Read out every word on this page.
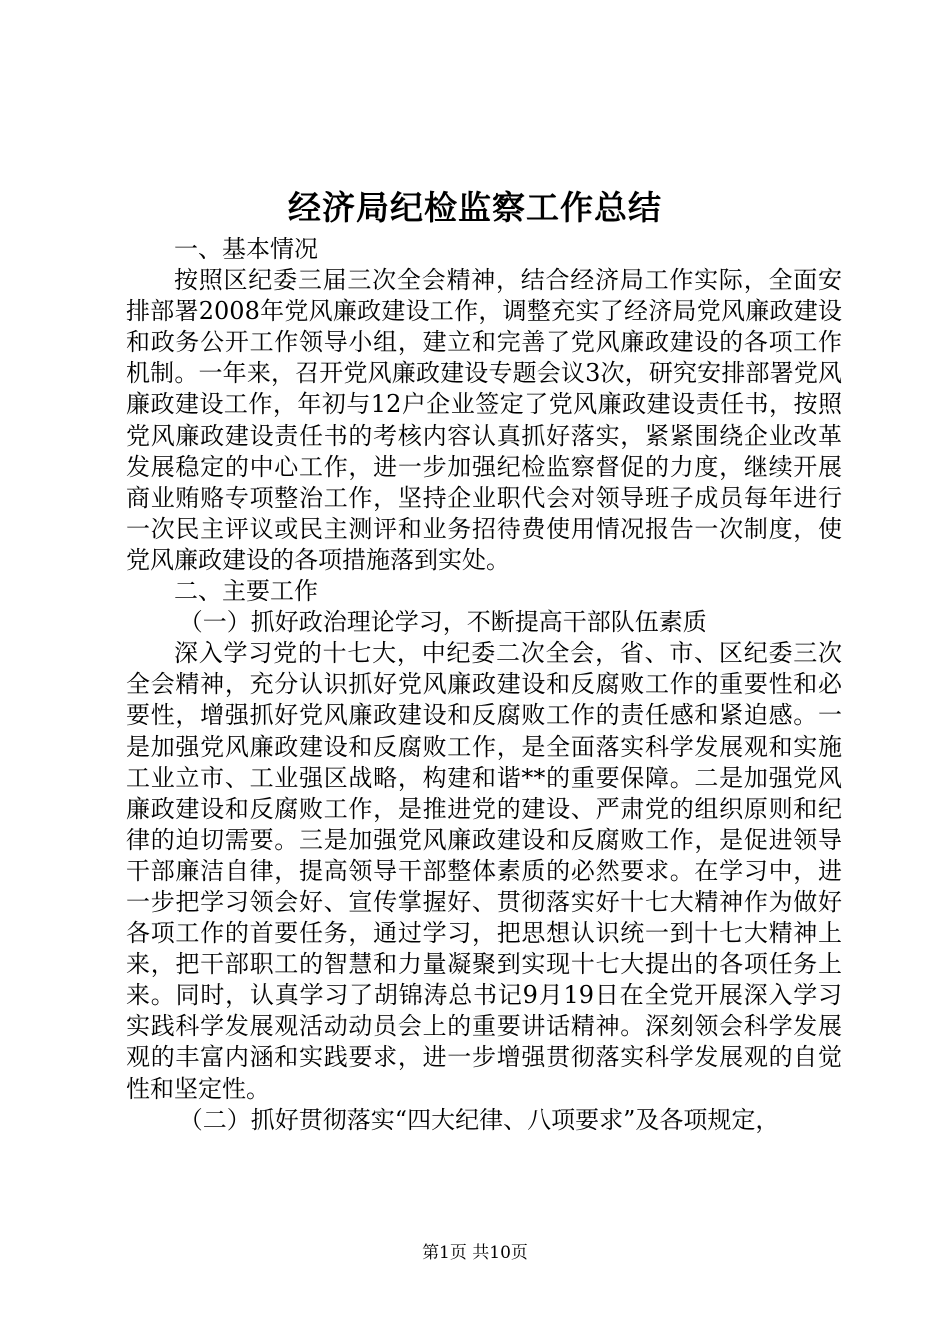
经济局纪检监察工作总结

一、基本情况

按照区纪委三届三次全会精神，结合经济局工作实际，全面安排部署2008年党风廉政建设工作，调整充实了经济局党风廉政建设和政务公开工作领导小组，建立和完善了党风廉政建设的各项工作机制。一年来，召开党风廉政建设专题会议3次，研究安排部署党风廉政建设工作，年初与12户企业签定了党风廉政建设责任书，按照党风廉政建设责任书的考核内容认真抓好落实，紧紧围绕企业改革发展稳定的中心工作，进一步加强纪检监察督促的力度，继续开展商业贿赂专项整治工作，坚持企业职代会对领导班子成员每年进行一次民主评议或民主测评和业务招待费使用情况报告一次制度，使党风廉政建设的各项措施落到实处。

二、主要工作

（一）抓好政治理论学习，不断提高干部队伍素质

深入学习党的十七大，中纪委二次全会，省、市、区纪委三次全会精神，充分认识抓好党风廉政建设和反腐败工作的重要性和必要性，增强抓好党风廉政建设和反腐败工作的责任感和紧迫感。一是加强党风廉政建设和反腐败工作，是全面落实科学发展观和实施工业立市、工业强区战略，构建和谐**的重要保障。二是加强党风廉政建设和反腐败工作，是推进党的建设、严肃党的组织原则和纪律的迫切需要。三是加强党风廉政建设和反腐败工作，是促进领导干部廉洁自律，提高领导干部整体素质的必然要求。在学习中，进一步把学习领会好、宣传掌握好、贯彻落实好十七大精神作为做好各项工作的首要任务，通过学习，把思想认识统一到十七大精神上来，把干部职工的智慧和力量凝聚到实现十七大提出的各项任务上来。同时，认真学习了胡锦涛总书记9月19日在全党开展深入学习实践科学发展观活动动员会上的重要讲话精神。深刻领会科学发展观的丰富内涵和实践要求，进一步增强贯彻落实科学发展观的自觉性和坚定性。

（二）抓好贯彻落实“四大纪律、八项要求”及各项规定，

第1页 共10页
